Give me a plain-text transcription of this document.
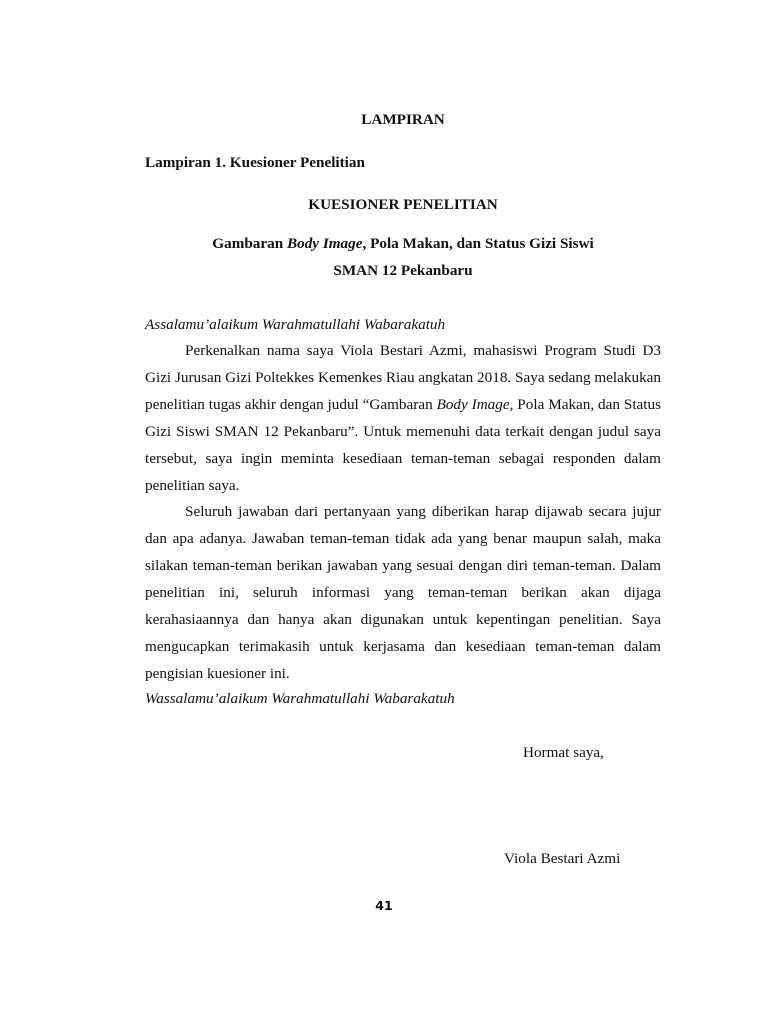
LAMPIRAN

Lampiran 1. Kuesioner Penelitian

KUESIONER PENELITIAN

Gambaran Body Image, Pola Makan, dan Status Gizi Siswi

SMAN 12 Pekanbaru

Assalamu’alaikum Warahmatullahi Wabarakatuh

Perkenalkan nama saya Viola Bestari Azmi, mahasiswi Program Studi D3

Gizi Jurusan Gizi Poltekkes Kemenkes Riau angkatan 2018. Saya sedang melakukan

penelitian tugas akhir dengan judul “Gambaran Body Image, Pola Makan, dan Status

Gizi Siswi SMAN 12 Pekanbaru”. Untuk memenuhi data terkait dengan judul saya

tersebut, saya ingin meminta kesediaan teman-teman sebagai responden dalam

penelitian saya.

Seluruh jawaban dari pertanyaan yang diberikan harap dijawab secara jujur

dan apa adanya. Jawaban teman-teman tidak ada yang benar maupun salah, maka

silakan teman-teman berikan jawaban yang sesuai dengan diri teman-teman. Dalam

penelitian ini, seluruh informasi yang teman-teman berikan akan dijaga

kerahasiaannya dan hanya akan digunakan untuk kepentingan penelitian. Saya

mengucapkan terimakasih untuk kerjasama dan kesediaan teman-teman dalam

pengisian kuesioner ini.

Wassalamu’alaikum Warahmatullahi Wabarakatuh

Hormat saya,

Viola Bestari Azmi

41
